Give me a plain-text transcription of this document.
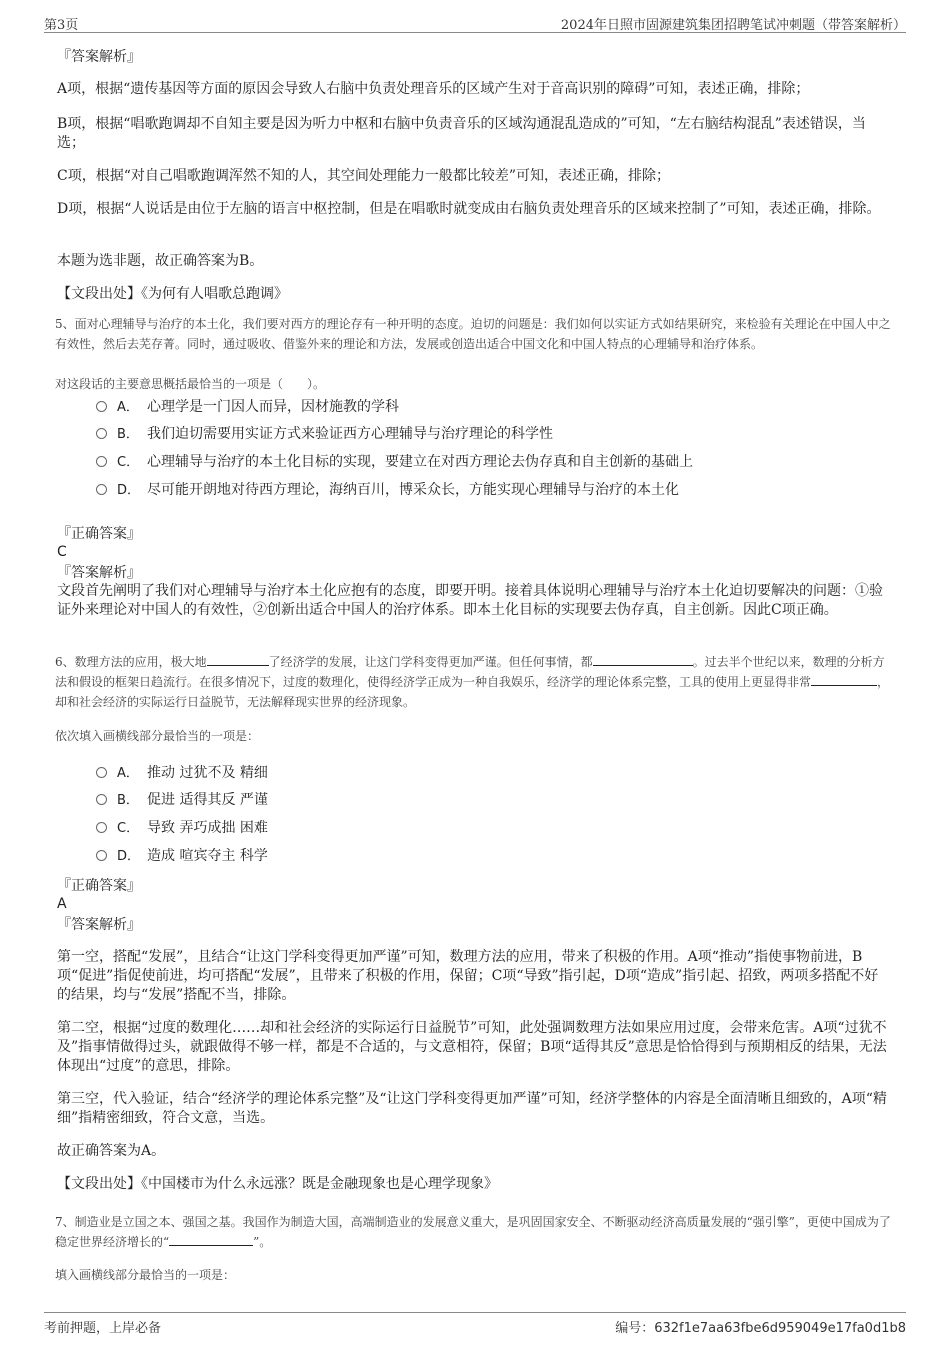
第3页	2024年日照市固源建筑集团招聘笔试冲刺题（带答案解析）
『答案解析』
A项，根据“遗传基因等方面的原因会导致人右脑中负责处理音乐的区域产生对于音高识别的障碍”可知，表述正确，排除；
B项，根据“唱歌跑调却不自知主要是因为听力中枢和右脑中负责音乐的区域沟通混乱造成的”可知，“左右脑结构混乱”表述错误，当选；
C项，根据“对自己唱歌跑调浑然不知的人，其空间处理能力一般都比较差”可知，表述正确，排除；
D项，根据“人说话是由位于左脑的语言中枢控制，但是在唱歌时就变成由右脑负责处理音乐的区域来控制了”可知，表述正确，排除。
本题为选非题，故正确答案为B。
【文段出处】《为何有人唱歌总跑调》
5、面对心理辅导与治疗的本土化，我们要对西方的理论存有一种开明的态度。迫切的问题是：我们如何以实证方式如结果研究，来检验有关理论在中国人中之有效性，然后去芜存菁。同时，通过吸收、借鉴外来的理论和方法，发展或创造出适合中国文化和中国人特点的心理辅导和治疗体系。
对这段话的主要意思概括最恰当的一项是（　　）。
A． 心理学是一门因人而异，因材施教的学科
B． 我们迫切需要用实证方式来验证西方心理辅导与治疗理论的科学性
C． 心理辅导与治疗的本土化目标的实现，要建立在对西方理论去伪存真和自主创新的基础上
D． 尽可能开朗地对待西方理论，海纳百川，博采众长，方能实现心理辅导与治疗的本土化
『正确答案』
C
『答案解析』
文段首先阐明了我们对心理辅导与治疗本土化应抱有的态度，即要开明。接着具体说明心理辅导与治疗本土化迫切要解决的问题：①验证外来理论对中国人的有效性，②创新出适合中国人的治疗体系。即本土化目标的实现要去伪存真，自主创新。因此C项正确。
6、数理方法的应用，极大地	了经济学的发展，让这门学科变得更加严谨。但任何事情，都	。过去半个世纪以来，数理的分析方法和假设的框架日趋流行。在很多情况下，过度的数理化，使得经济学正成为一种自我娱乐，经济学的理论体系完整，工具的使用上更显得非常	，却和社会经济的实际运行日益脱节，无法解释现实世界的经济现象。
依次填入画横线部分最恰当的一项是：
A． 推动 过犹不及 精细
B． 促进 适得其反 严谨
C． 导致 弄巧成拙 困难
D． 造成 喧宾夺主 科学
『正确答案』
A
『答案解析』
第一空，搭配“发展”，且结合“让这门学科变得更加严谨”可知，数理方法的应用，带来了积极的作用。A项“推动”指使事物前进，B项“促进”指促使前进，均可搭配“发展”，且带来了积极的作用，保留；C项“导致”指引起，D项“造成”指引起、招致，两项多搭配不好的结果，均与“发展”搭配不当，排除。
第二空，根据“过度的数理化……却和社会经济的实际运行日益脱节”可知，此处强调数理方法如果应用过度，会带来危害。A项“过犹不及”指事情做得过头，就跟做得不够一样，都是不合适的，与文意相符，保留；B项“适得其反”意思是恰恰得到与预期相反的结果，无法体现出“过度”的意思，排除。
第三空，代入验证，结合“经济学的理论体系完整”及“让这门学科变得更加严谨”可知，经济学整体的内容是全面清晰且细致的，A项“精细”指精密细致，符合文意，当选。
故正确答案为A。
【文段出处】《中国楼市为什么永远涨？既是金融现象也是心理学现象》
7、制造业是立国之本、强国之基。我国作为制造大国，高端制造业的发展意义重大，是巩固国家安全、不断驱动经济高质量发展的“强引擎”，更使中国成为了稳定世界经济增长的“	”。
填入画横线部分最恰当的一项是：
考前押题，上岸必备	编号：632f1e7aa63fbe6d959049e17fa0d1b8
